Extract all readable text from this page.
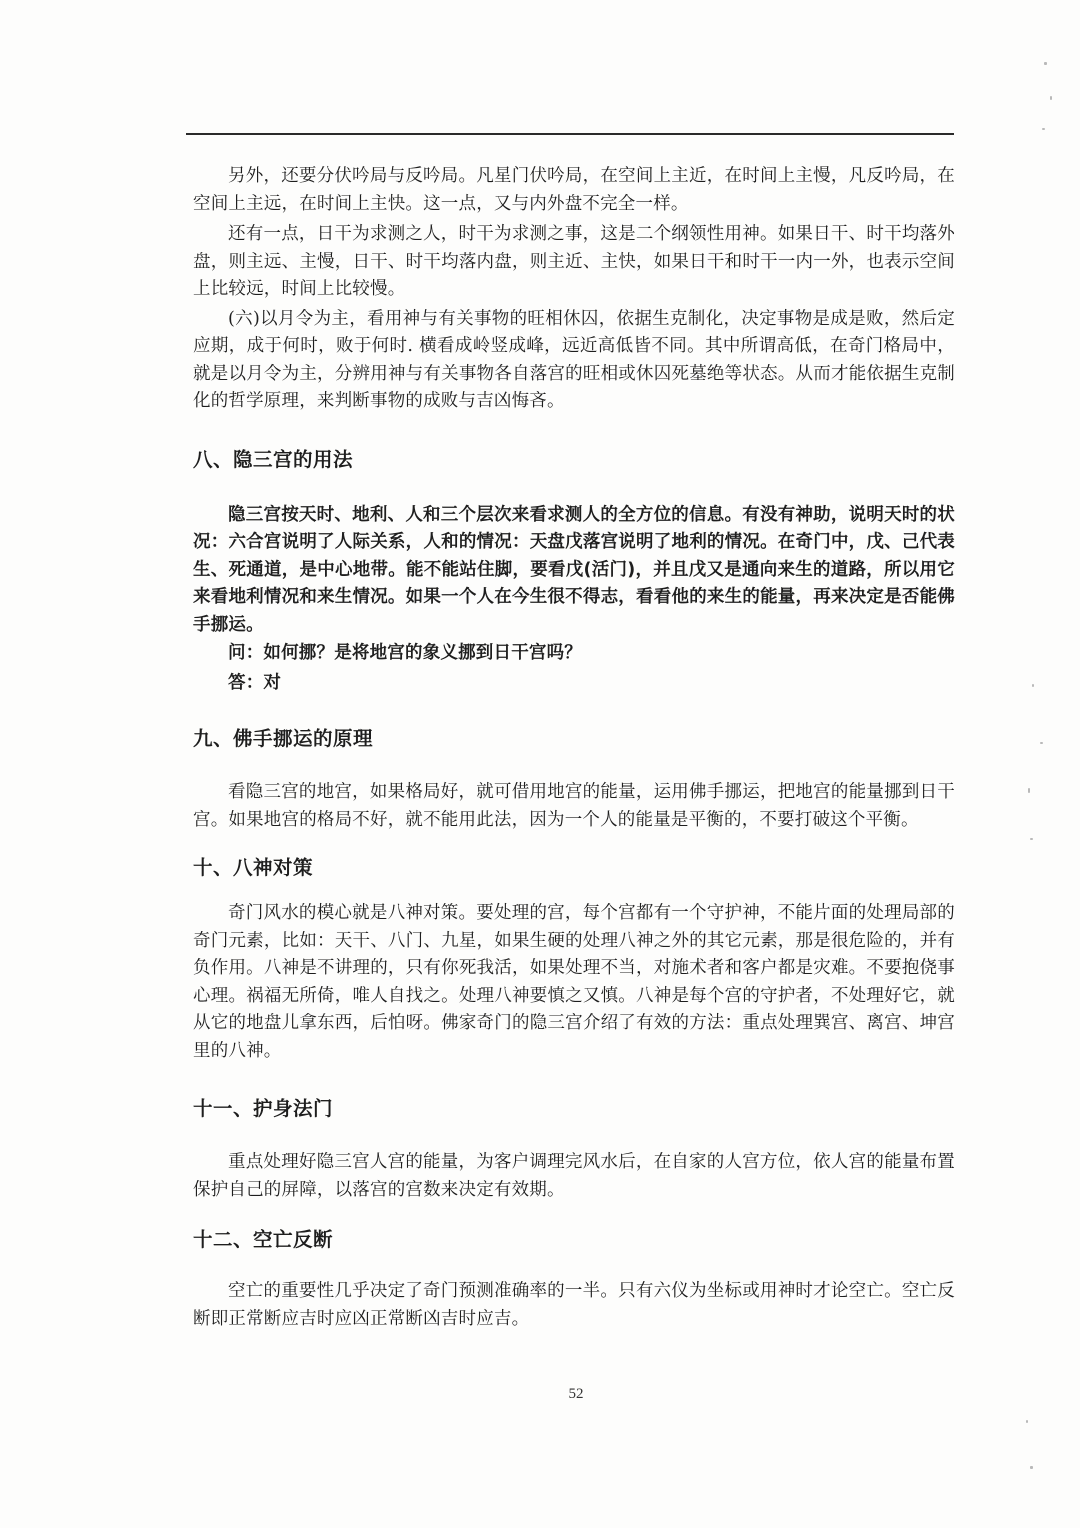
另外，还要分伏吟局与反吟局。凡星门伏吟局，在空间上主近，在时间上主慢，凡反吟局，在空间上主远，在时间上主快。这一点，又与内外盘不完全一样。

还有一点，日干为求测之人，时干为求测之事，这是二个纲领性用神。如果日干、时干均落外盘，则主远、主慢，日干、时干均落内盘，则主近、主快，如果日干和时干一内一外，也表示空间上比较远，时间上比较慢。

(六)以月令为主，看用神与有关事物的旺相休囚，依据生克制化，决定事物是成是败，然后定应期，成于何时，败于何时. 横看成岭竖成峰，远近高低皆不同。其中所谓高低，在奇门格局中，就是以月令为主，分辨用神与有关事物各自落宫的旺相或休囚死墓绝等状态。从而才能依据生克制化的哲学原理，来判断事物的成败与吉凶悔吝。

八、隐三宫的用法

隐三宫按天时、地利、人和三个层次来看求测人的全方位的信息。有没有神助，说明天时的状况：六合宫说明了人际关系，人和的情况：天盘戊落宫说明了地利的情况。在奇门中，戊、己代表生、死通道，是中心地带。能不能站住脚，要看戊(活门)，并且戊又是通向来生的道路，所以用它来看地利情况和来生情况。如果一个人在今生很不得志，看看他的来生的能量，再来决定是否能佛手挪运。

问：如何挪？是将地宫的象义挪到日干宫吗？

答：对

九、佛手挪运的原理

看隐三宫的地宫，如果格局好，就可借用地宫的能量，运用佛手挪运，把地宫的能量挪到日干宫。如果地宫的格局不好，就不能用此法，因为一个人的能量是平衡的，不要打破这个平衡。

十、八神对策

奇门风水的模心就是八神对策。要处理的宫，每个宫都有一个守护神，不能片面的处理局部的奇门元素，比如：天干、八门、九星，如果生硬的处理八神之外的其它元素，那是很危险的，并有负作用。八神是不讲理的，只有你死我活，如果处理不当，对施术者和客户都是灾难。不要抱侥事心理。祸福无所倚，唯人自找之。处理八神要慎之又慎。八神是每个宫的守护者，不处理好它，就从它的地盘儿拿东西，后怕呀。佛家奇门的隐三宫介绍了有效的方法：重点处理巽宫、离宫、坤宫里的八神。

十一、护身法门

重点处理好隐三宫人宫的能量，为客户调理完风水后，在自家的人宫方位，依人宫的能量布置保护自己的屏障，以落宫的宫数来决定有效期。

十二、空亡反断

空亡的重要性几乎决定了奇门预测准确率的一半。只有六仪为坐标或用神时才论空亡。空亡反断即正常断应吉时应凶正常断凶吉时应吉。

52
